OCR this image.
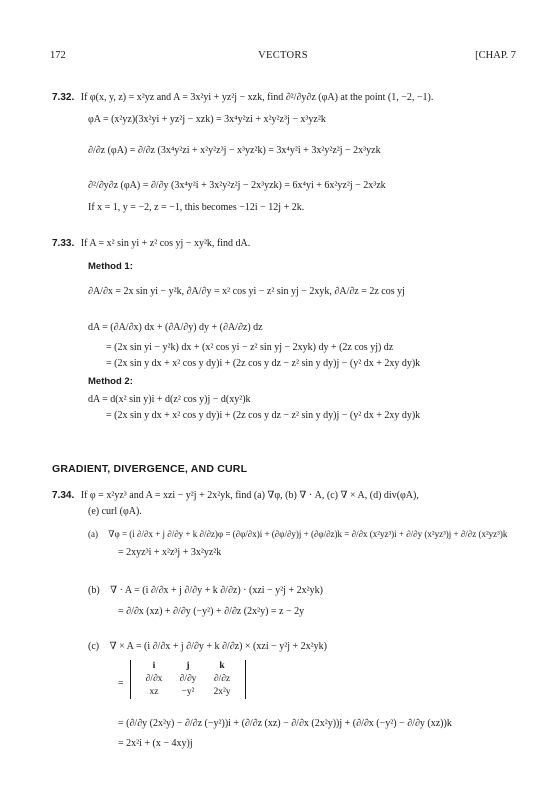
172	VECTORS	[CHAP. 7
7.32. If φ(x, y, z) = x²yz and A = 3x²yi + yz²j − xzk, find ∂²/∂y∂z (φA) at the point (1, −2, −1).
φA = (x²yz)(3x²yi + yz²j − xzk) = 3x⁴y²zi + x²y²z³j − x³yz²k
∂/∂z (φA) = ∂/∂z (3x⁴y²zi + x²y²z³j − x³yz²k) = 3x⁴y²i + 3x²y²z²j − 2x³yzk
∂²/∂y∂z (φA) = ∂/∂y (3x⁴y²i + 3x²y²z²j − 2x³yzk) = 6x⁴yi + 6x²yz²j − 2x³zk
If x = 1, y = −2, z = −1, this becomes −12i − 12j + 2k.
7.33. If A = x² sin yi + z² cos yj − xy²k, find dA.
Method 1:
∂A/∂x = 2x sin yi − y²k, ∂A/∂y = x² cos yi − z² sin yj − 2xyk, ∂A/∂z = 2z cos yj
dA = (∂A/∂x) dx + (∂A/∂y) dy + (∂A/∂z) dz
= (2x sin yi − y²k) dx + (x² cos yi − z² sin yj − 2xyk) dy + (2z cos yj) dz
= (2x sin y dx + x² cos y dy)i + (2z cos y dz − z² sin y dy)j − (y² dx + 2xy dy)k
Method 2:
dA = d(x² sin y)i + d(z² cos y)j − d(xy²)k
= (2x sin y dx + x² cos y dy)i + (2z cos y dz − z² sin y dy)j − (y² dx + 2xy dy)k
GRADIENT, DIVERGENCE, AND CURL
7.34. If φ = x²yz³ and A = xzi − y²j + 2x²yk, find (a) ∇φ, (b) ∇ · A, (c) ∇ × A, (d) div(φA),
(e) curl (φA).
(a) ∇φ = (i ∂/∂x + j ∂/∂y + k ∂/∂z)φ = (∂φ/∂x)i + (∂φ/∂y)j + (∂φ/∂z)k = ∂/∂x (x²yz³)i + ∂/∂y (x²yz³)j + ∂/∂z (x²yz³)k
= 2xyz³i + x²z³j + 3x²yz²k
(b) ∇ · A = (i ∂/∂x + j ∂/∂y + k ∂/∂z) · (xzi − y²j + 2x²yk)
= ∂/∂x (xz) + ∂/∂y (−y²) + ∂/∂z (2x²y) = z − 2y
(c) ∇ × A = (i ∂/∂x + j ∂/∂y + k ∂/∂z) × (xzi − y²j + 2x²yk)
=
i	j	k
∂/∂x	∂/∂y	∂/∂z
xz	−y²	2x²y
= (∂/∂y (2x²y) − ∂/∂z (−y²))i + (∂/∂z (xz) − ∂/∂x (2x²y))j + (∂/∂x (−y²) − ∂/∂y (xz))k
= 2x²i + (x − 4xy)j
